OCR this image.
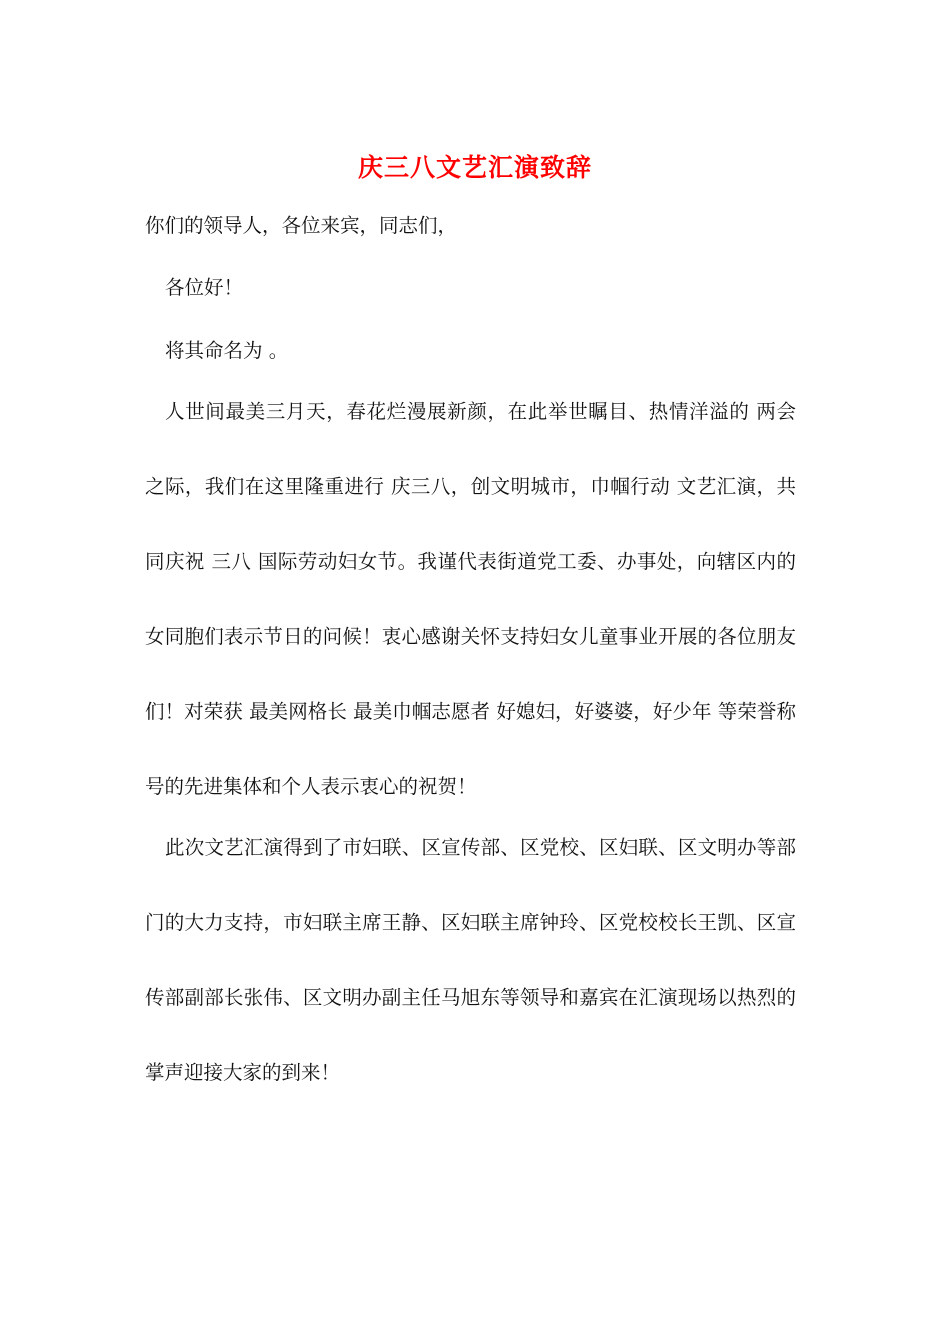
庆三八文艺汇演致辞
你们的领导人，各位来宾，同志们，
各位好！
将其命名为 。
人世间最美三月天，春花烂漫展新颜，在此举世瞩目、热情洋溢的 两会 之际，我们在这里隆重进行 庆三八，创文明城市，巾帼行动 文艺汇演，共同庆祝 三八 国际劳动妇女节。我谨代表街道党工委、办事处，向辖区内的女同胞们表示节日的问候！衷心感谢关怀支持妇女儿童事业开展的各位朋友们！对荣获 最美网格长 最美巾帼志愿者 好媳妇，好婆婆，好少年 等荣誉称号的先进集体和个人表示衷心的祝贺！
此次文艺汇演得到了市妇联、区宣传部、区党校、区妇联、区文明办等部门的大力支持，市妇联主席王静、区妇联主席钟玲、区党校校长王凯、区宣传部副部长张伟、区文明办副主任马旭东等领导和嘉宾在汇演现场以热烈的掌声迎接大家的到来！
